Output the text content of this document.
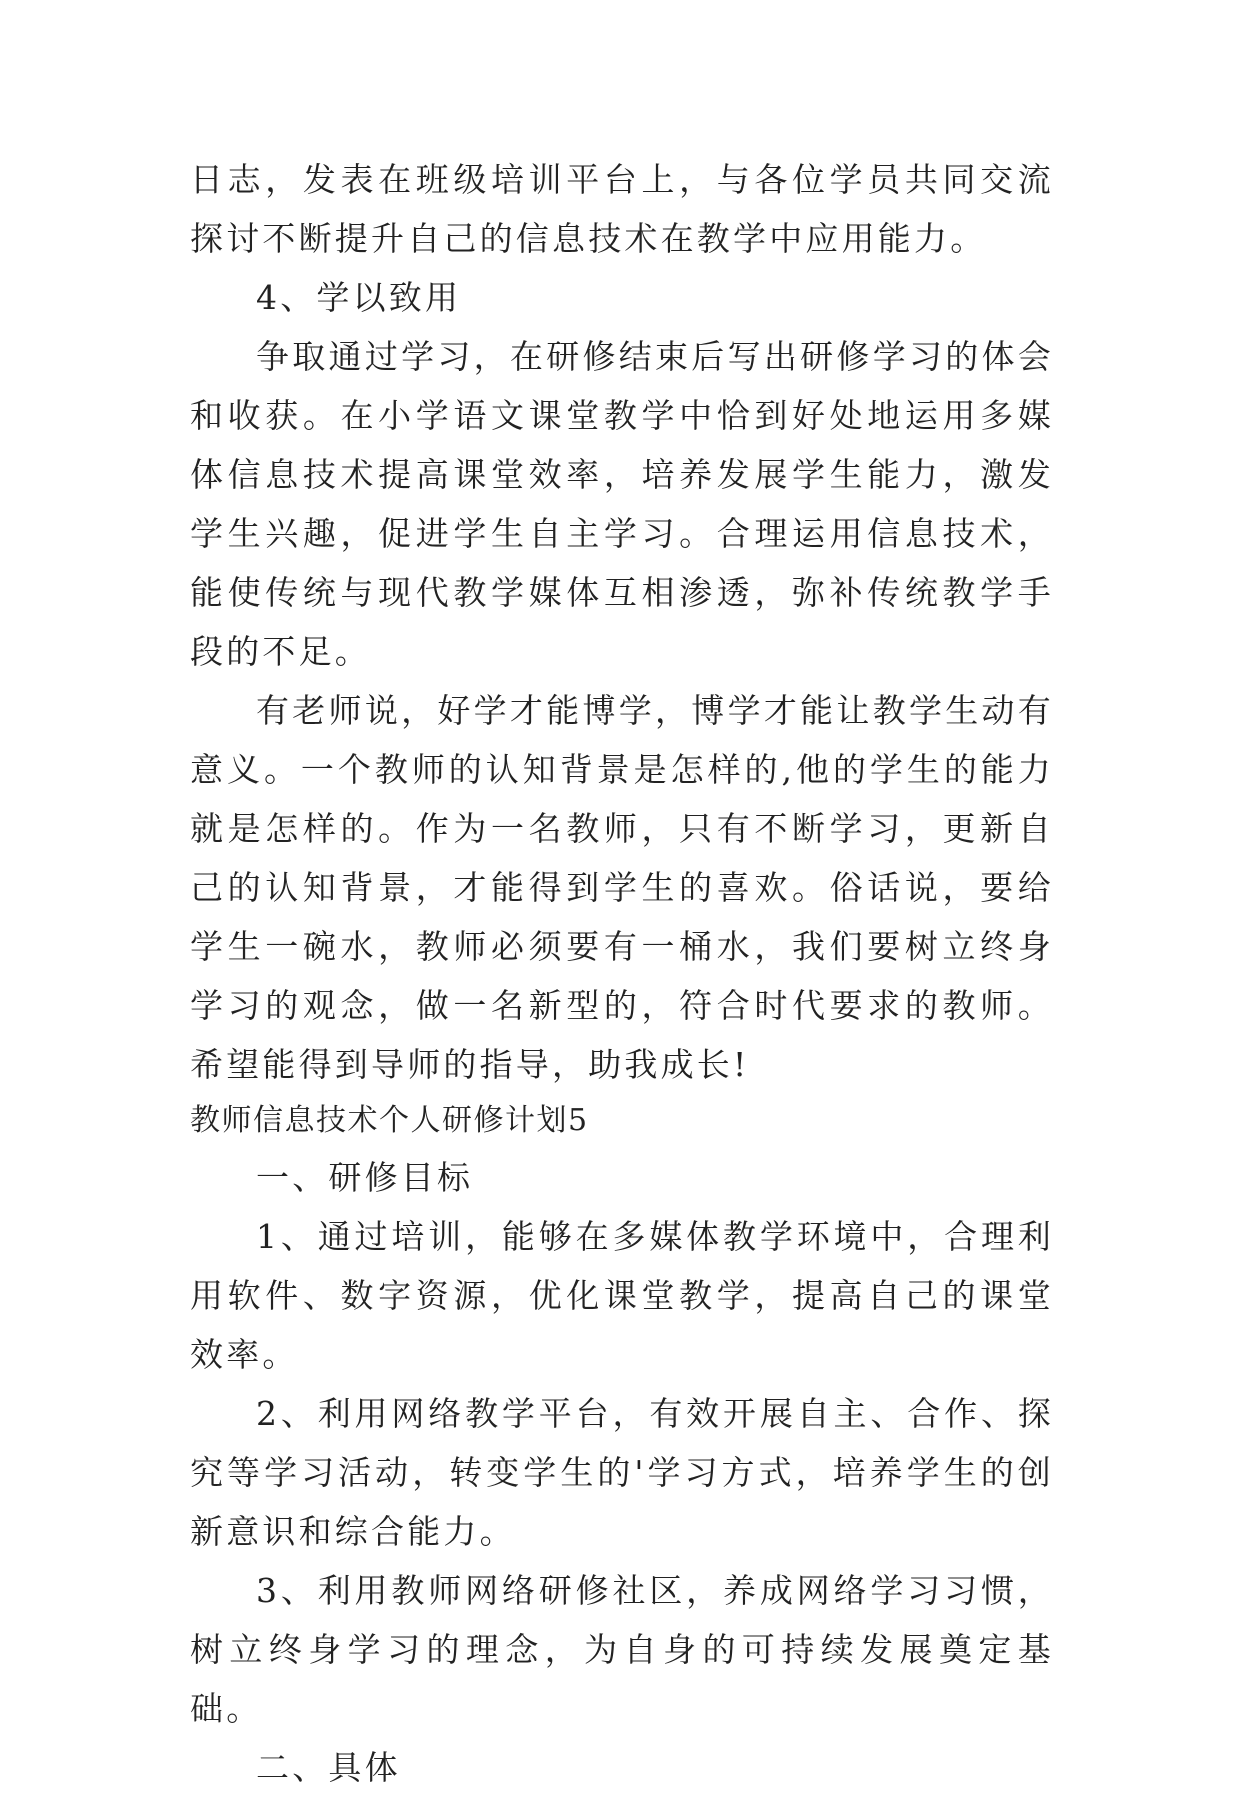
日志，发表在班级培训平台上，与各位学员共同交流探讨不断提升自己的信息技术在教学中应用能力。

4、学以致用

争取通过学习，在研修结束后写出研修学习的体会和收获。在小学语文课堂教学中恰到好处地运用多媒体信息技术提高课堂效率，培养发展学生能力，激发学生兴趣，促进学生自主学习。合理运用信息技术，能使传统与现代教学媒体互相渗透，弥补传统教学手段的不足。

有老师说，好学才能博学，博学才能让教学生动有意义。一个教师的认知背景是怎样的,他的学生的能力就是怎样的。作为一名教师，只有不断学习，更新自己的认知背景，才能得到学生的喜欢。俗话说，要给学生一碗水，教师必须要有一桶水，我们要树立终身学习的观念，做一名新型的，符合时代要求的教师。希望能得到导师的指导，助我成长!

教师信息技术个人研修计划5

一、研修目标

1、通过培训，能够在多媒体教学环境中，合理利用软件、数字资源，优化课堂教学，提高自己的课堂效率。

2、利用网络教学平台，有效开展自主、合作、探究等学习活动，转变学生的'学习方式，培养学生的创新意识和综合能力。

3、利用教师网络研修社区，养成网络学习习惯，树立终身学习的理念，为自身的可持续发展奠定基础。

二、具体
